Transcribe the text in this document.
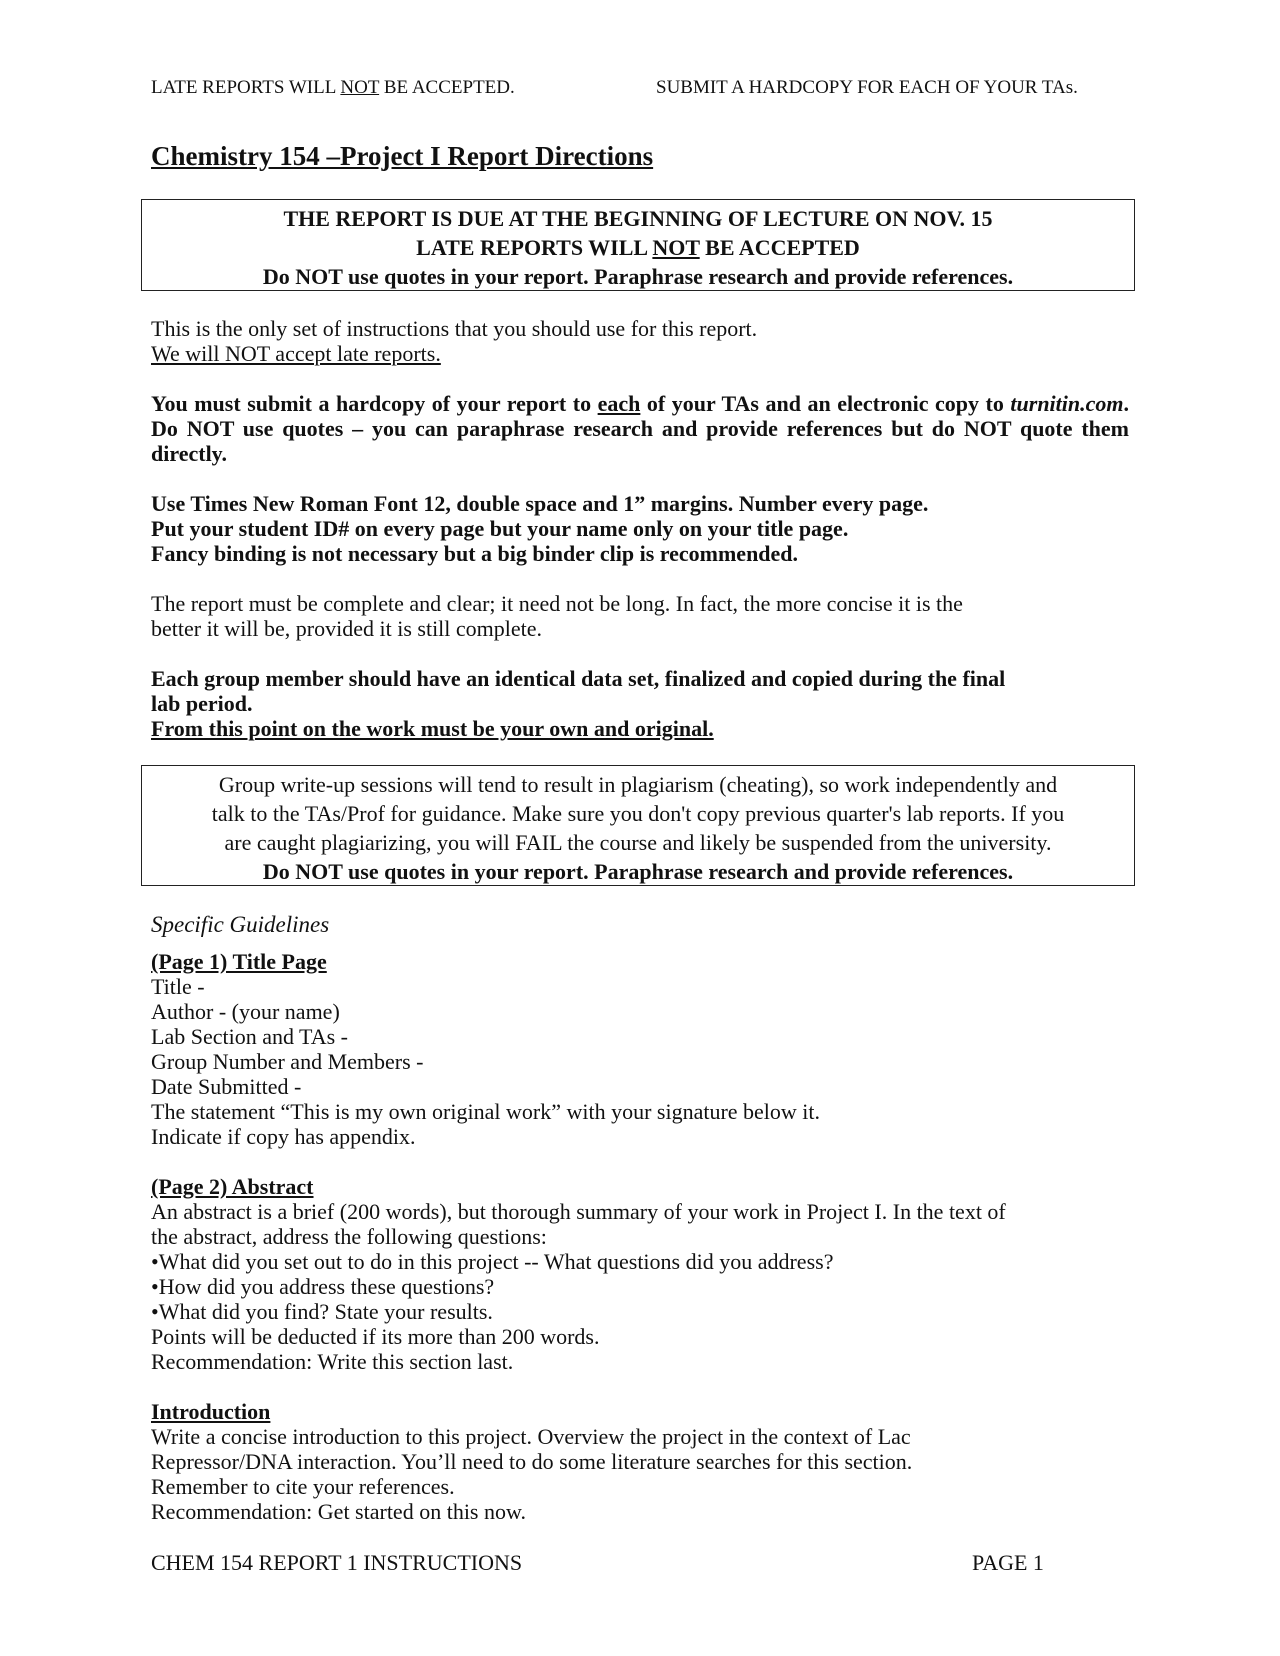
LATE REPORTS WILL NOT BE ACCEPTED.	SUBMIT A HARDCOPY FOR EACH OF YOUR TAs.
Chemistry 154 –Project I Report Directions
THE REPORT IS DUE AT THE BEGINNING OF LECTURE ON NOV. 15
LATE REPORTS WILL NOT BE ACCEPTED
Do NOT use quotes in your report. Paraphrase research and provide references.
This is the only set of instructions that you should use for this report.
We will NOT accept late reports.
You must submit a hardcopy of your report to each of your TAs and an electronic copy to turnitin.com. Do NOT use quotes – you can paraphrase research and provide references but do NOT quote them directly.
Use Times New Roman Font 12, double space and 1” margins. Number every page.
Put your student ID# on every page but your name only on your title page.
Fancy binding is not necessary but a big binder clip is recommended.
The report must be complete and clear; it need not be long. In fact, the more concise it is the
better it will be, provided it is still complete.
Each group member should have an identical data set, finalized and copied during the final
lab period.
From this point on the work must be your own and original.
Group write-up sessions will tend to result in plagiarism (cheating), so work independently and
talk to the TAs/Prof for guidance. Make sure you don't copy previous quarter's lab reports. If you
are caught plagiarizing, you will FAIL the course and likely be suspended from the university.
Do NOT use quotes in your report. Paraphrase research and provide references.
Specific Guidelines
(Page 1) Title Page
Title -
Author - (your name)
Lab Section and TAs -
Group Number and Members -
Date Submitted -
The statement “This is my own original work” with your signature below it.
Indicate if copy has appendix.
(Page 2) Abstract
An abstract is a brief (200 words), but thorough summary of your work in Project I. In the text of
the abstract, address the following questions:
•What did you set out to do in this project -- What questions did you address?
•How did you address these questions?
•What did you find? State your results.
Points will be deducted if its more than 200 words.
Recommendation: Write this section last.
Introduction
Write a concise introduction to this project. Overview the project in the context of Lac
Repressor/DNA interaction. You’ll need to do some literature searches for this section.
Remember to cite your references.
Recommendation: Get started on this now.
CHEM 154 REPORT 1 INSTRUCTIONS	PAGE 1
